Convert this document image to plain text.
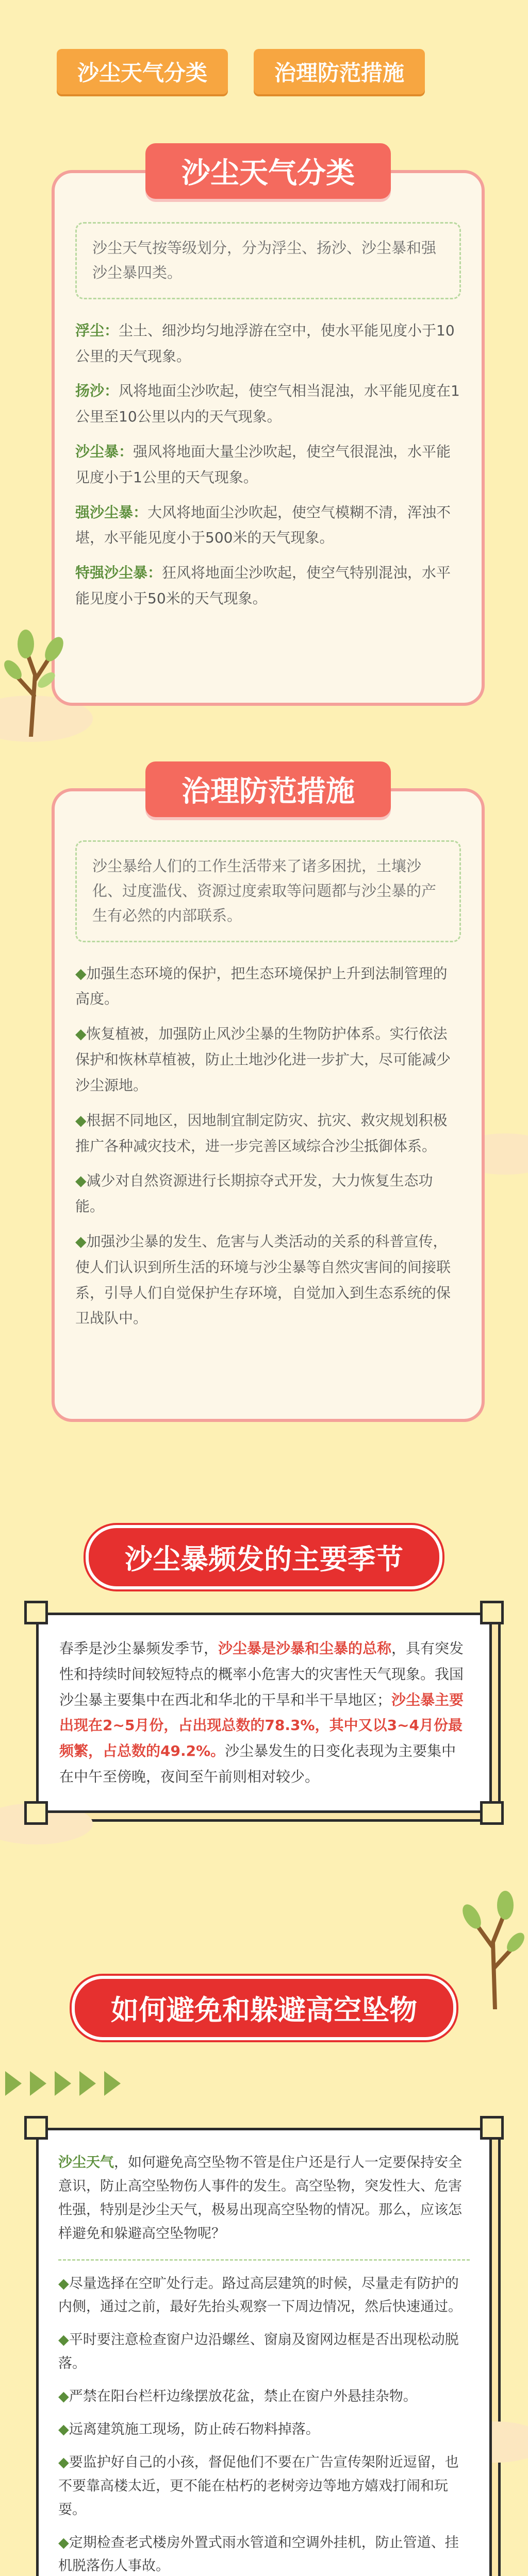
沙尘天气分类	治理防范措施
沙尘天气分类
沙尘天气按等级划分，分为浮尘、扬沙、沙尘暴和强沙尘暴四类。

浮尘：尘土、细沙均匀地浮游在空中，使水平能见度小于10公里的天气现象。

扬沙：风将地面尘沙吹起，使空气相当混浊，水平能见度在1公里至10公里以内的天气现象。

沙尘暴：强风将地面大量尘沙吹起，使空气很混浊，水平能见度小于1公里的天气现象。

强沙尘暴：大风将地面尘沙吹起，使空气模糊不清，浑浊不堪，水平能见度小于500米的天气现象。

特强沙尘暴：狂风将地面尘沙吹起，使空气特别混浊，水平能见度小于50米的天气现象。

治理防范措施
沙尘暴给人们的工作生活带来了诸多困扰，土壤沙化、过度滥伐、资源过度索取等问题都与沙尘暴的产生有必然的内部联系。

◆加强生态环境的保护，把生态环境保护上升到法制管理的高度。

◆恢复植被，加强防止风沙尘暴的生物防护体系。实行依法保护和恢林草植被，防止土地沙化进一步扩大，尽可能减少沙尘源地。

◆根据不同地区，因地制宜制定防灾、抗灾、救灾规划积极推广各种减灾技术，进一步完善区域综合沙尘抵御体系。

◆减少对自然资源进行长期掠夺式开发，大力恢复生态功能。

◆加强沙尘暴的发生、危害与人类活动的关系的科普宣传，使人们认识到所生活的环境与沙尘暴等自然灾害间的间接联系，引导人们自觉保护生存环境，自觉加入到生态系统的保卫战队中。

沙尘暴频发的主要季节
春季是沙尘暴频发季节，沙尘暴是沙暴和尘暴的总称，具有突发性和持续时间较短特点的概率小危害大的灾害性天气现象。我国沙尘暴主要集中在西北和华北的干旱和半干旱地区；沙尘暴主要出现在2~5月份，占出现总数的78.3%，其中又以3~4月份最频繁，占总数的49.2%。沙尘暴发生的日变化表现为主要集中在中午至傍晚，夜间至午前则相对较少。
如何避免和躲避高空坠物
沙尘天气，如何避免高空坠物不管是住户还是行人一定要保持安全意识，防止高空坠物伤人事件的发生。高空坠物，突发性大、危害性强，特别是沙尘天气，极易出现高空坠物的情况。那么，应该怎样避免和躲避高空坠物呢？

◆尽量选择在空旷处行走。路过高层建筑的时候，尽量走有防护的内侧，通过之前，最好先抬头观察一下周边情况，然后快速通过。

◆平时要注意检查窗户边沿螺丝、窗扇及窗网边框是否出现松动脱落。

◆严禁在阳台栏杆边缘摆放花盆，禁止在窗户外悬挂杂物。

◆远离建筑施工现场，防止砖石物料掉落。

◆要监护好自己的小孩，督促他们不要在广告宣传架附近逗留，也不要靠高楼太近，更不能在枯朽的老树旁边等地方嬉戏打闹和玩耍。

◆定期检查老式楼房外置式雨水管道和空调外挂机，防止管道、挂机脱落伤人事故。
